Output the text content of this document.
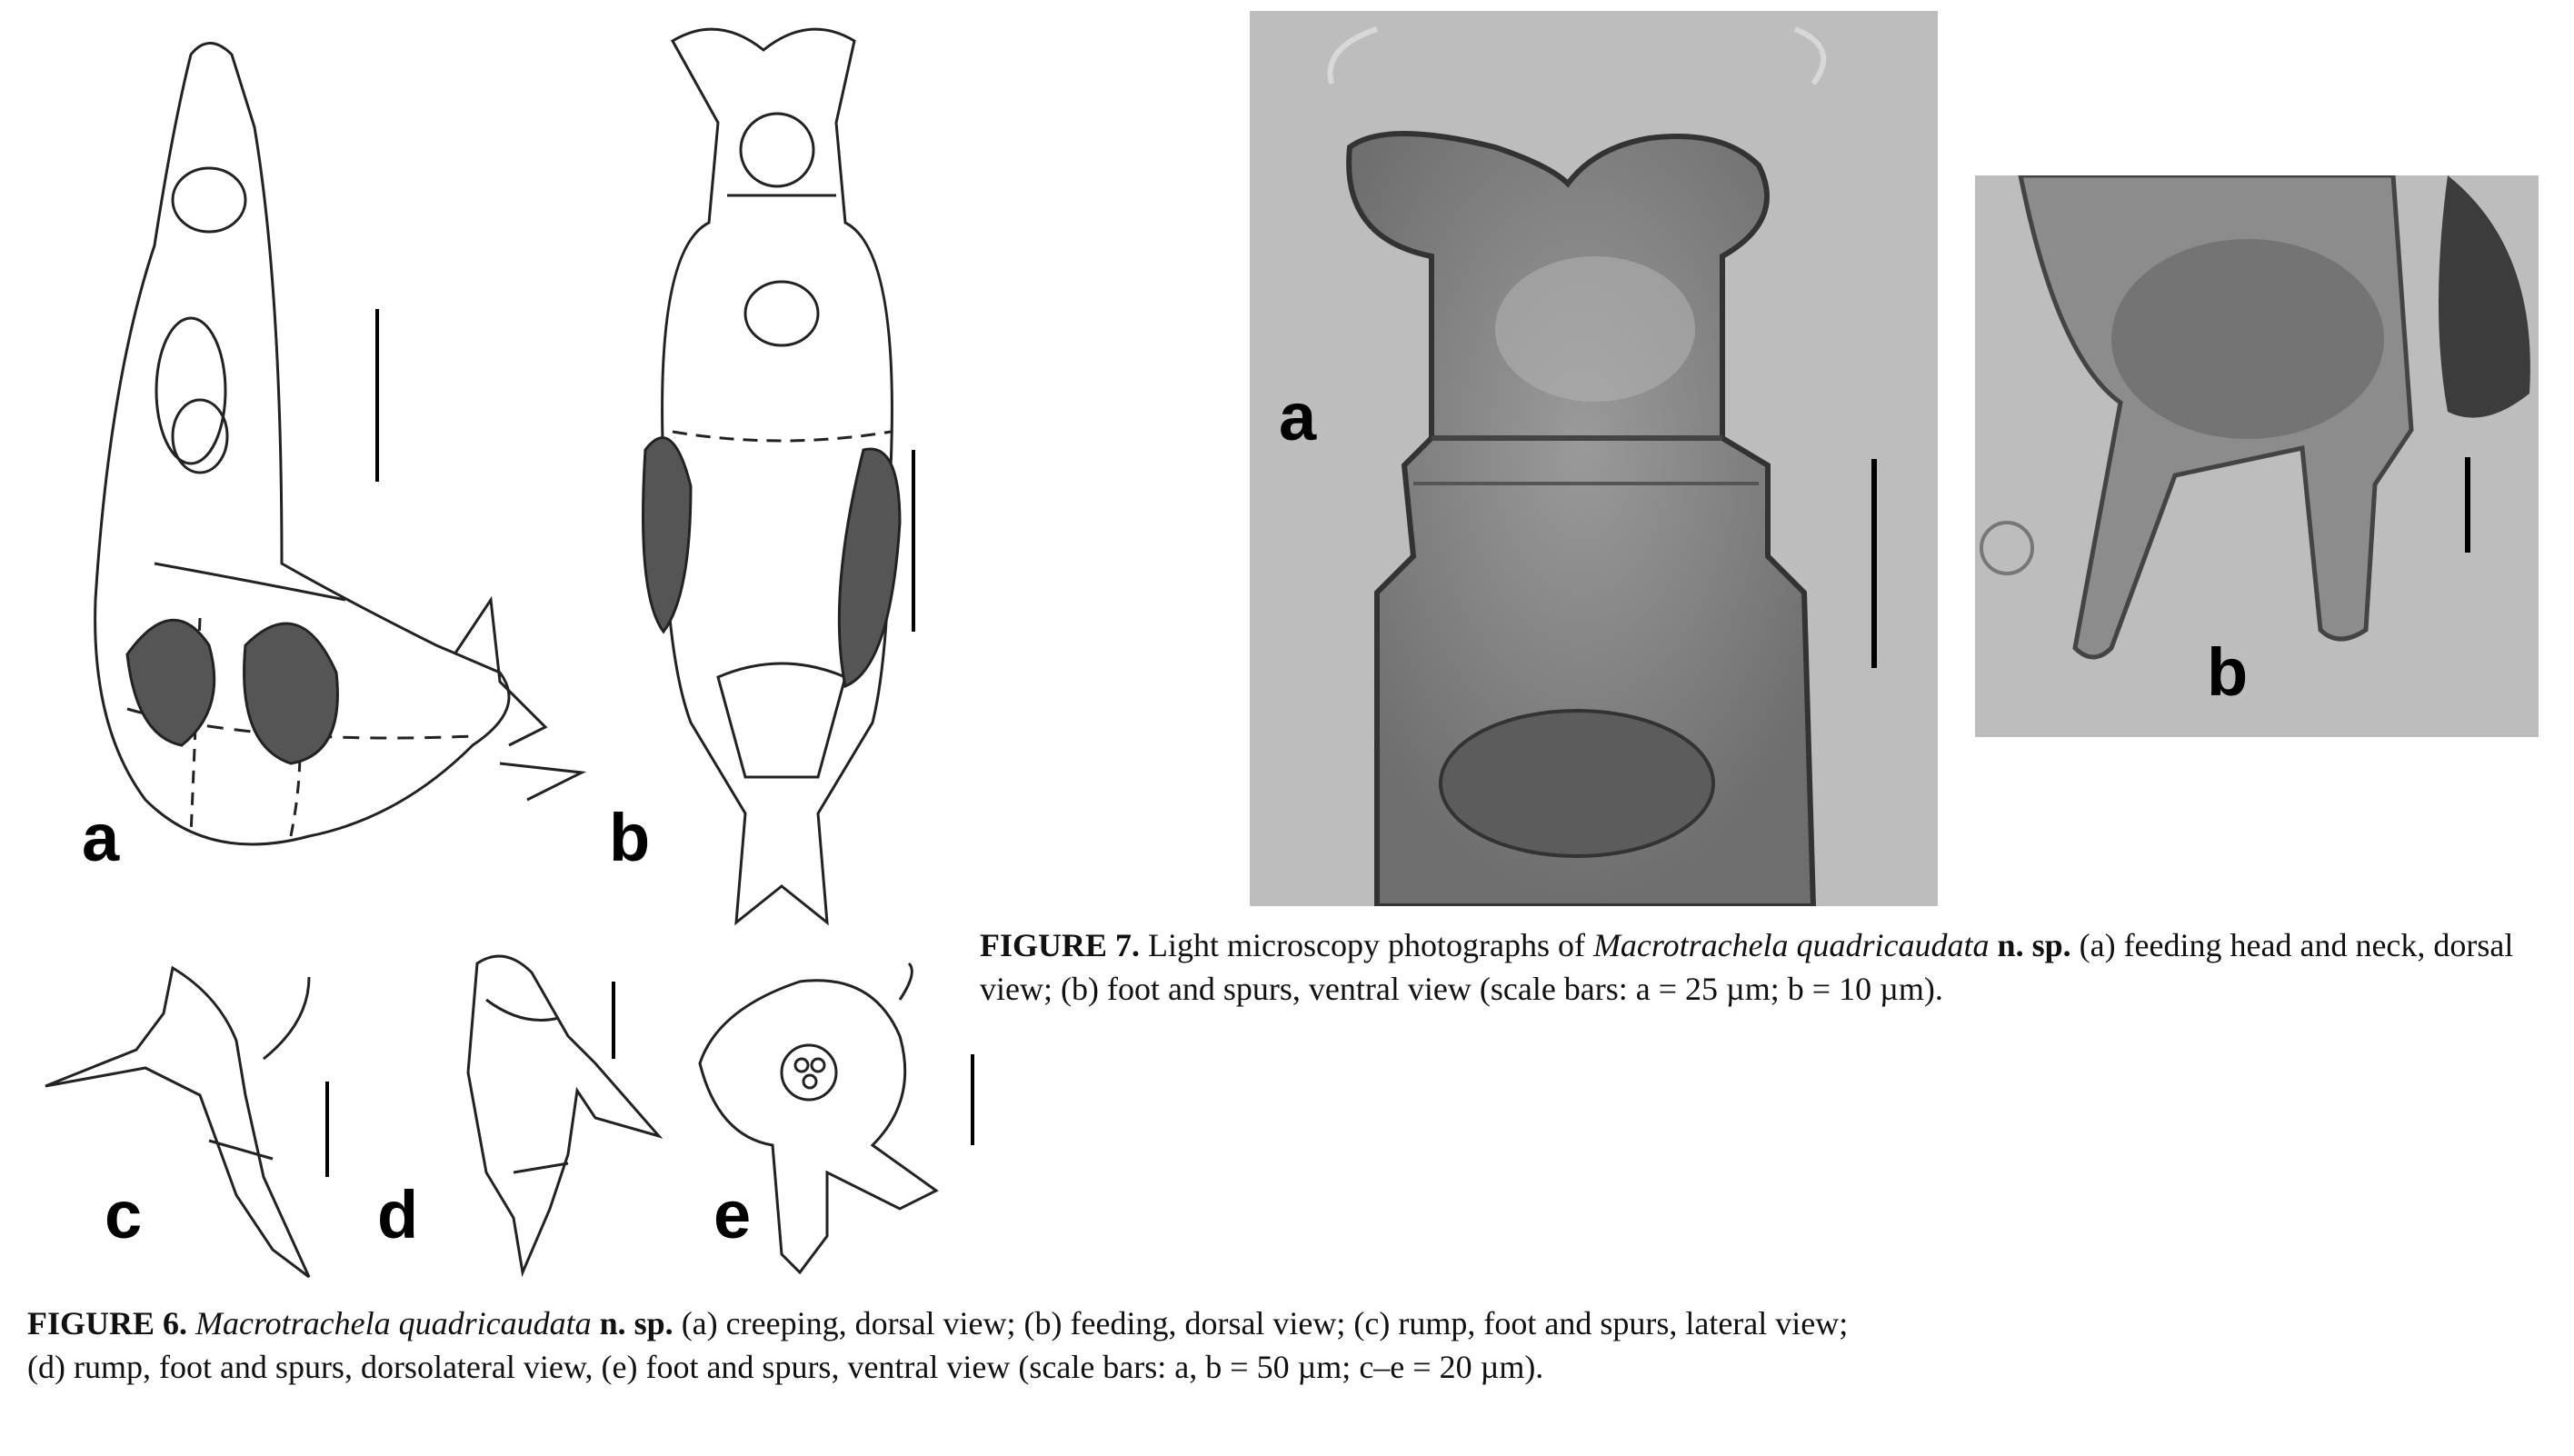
a	b
c	d	e
FIGURE 6. Macrotrachela quadricaudata n. sp. (a) creeping, dorsal view; (b) feeding, dorsal view; (c) rump, foot and spurs, lateral view; (d) rump, foot and spurs, dorsolateral view, (e) foot and spurs, ventral view (scale bars: a, b = 50 µm; c–e = 20 µm).
a
b
FIGURE 7. Light microscopy photographs of Macrotrachela quadricaudata n. sp. (a) feeding head and neck, dorsal view; (b) foot and spurs, ventral view (scale bars: a = 25 µm; b = 10 µm).
